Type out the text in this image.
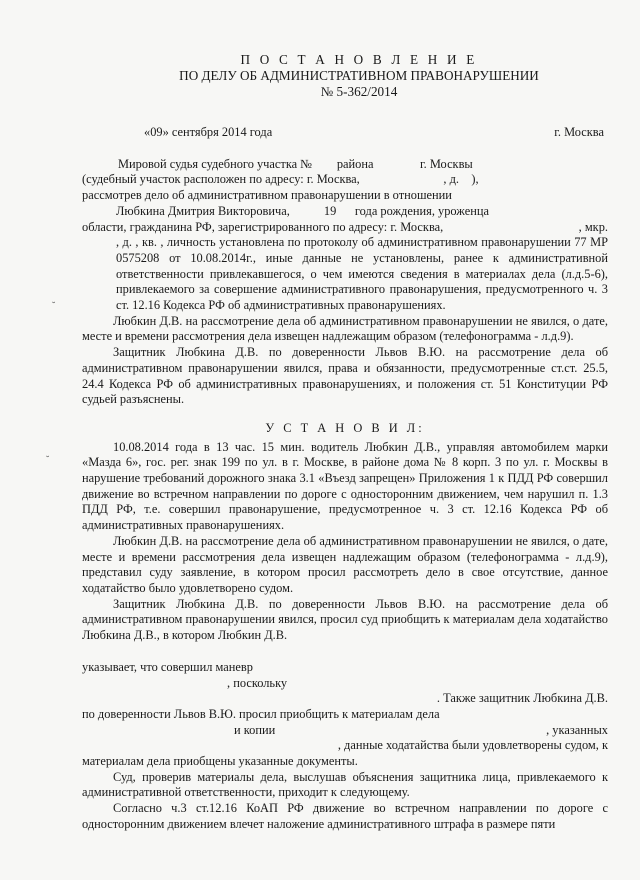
˘
˘
П О С Т А Н О В Л Е Н И Е
ПО ДЕЛУ ОБ АДМИНИСТРАТИВНОМ ПРАВОНАРУШЕНИИ
№ 5-362/2014
«09» сентября 2014 года	г. Москва
Мировой судья судебного участка №        района               г. Москвы
(судебный участок расположен по адресу: г. Москва,                           , д.    ),
рассмотрев дело об административном правонарушении в отношении
Любкина Дмитрия Викторовича,           19      года рождения, уроженца
области, гражданина РФ, зарегистрированного по адресу: г. Москва,	, мкр.

, д. , кв. , личность установлена по протоколу об административном правонарушении 77 МР 0575208 от 10.08.2014г., иные данные не установлены, ранее к административной ответственности привлекавшегося, о чем имеются сведения в материалах дела (л.д.5-6), привлекаемого за совершение административного правонарушения, предусмотренного ч. 3 ст. 12.16 Кодекса РФ об административных правонарушениях.

Любкин Д.В. на рассмотрение дела об административном правонарушении не явился, о дате, месте и времени рассмотрения дела извещен надлежащим образом (телефонограмма - л.д.9).

Защитник Любкина Д.В. по доверенности Львов В.Ю. на рассмотрение дела об административном правонарушении явился, права и обязанности, предусмотренные ст.ст. 25.5, 24.4 Кодекса РФ об административных правонарушениях, и положения ст. 51 Конституции РФ судьей разъяснены.

У С Т А Н О В И Л:

10.08.2014 года в 13 час. 15 мин. водитель Любкин Д.В., управляя автомобилем марки «Мазда 6», гос. рег. знак 199 по ул. в г. Москве, в районе дома № 8 корп. 3 по ул. г. Москвы в нарушение требований дорожного знака 3.1 «Въезд запрещен» Приложения 1 к ПДД РФ совершил движение во встречном направлении по дороге с односторонним движением, чем нарушил п. 1.3 ПДД РФ, т.е. совершил правонарушение, предусмотренное ч. 3 ст. 12.16 Кодекса РФ об административных правонарушениях.

Любкин Д.В. на рассмотрение дела об административном правонарушении не явился, о дате, месте и времени рассмотрения дела извещен надлежащим образом (телефонограмма - л.д.9), представил суду заявление, в котором просил рассмотреть дело в свое отсутствие, данное ходатайство было удовлетворено судом.

Защитник Любкина Д.В. по доверенности Львов В.Ю. на рассмотрение дела об административном правонарушении явился, просил суд приобщить к материалам дела ходатайство Любкина Д.В., в котором Любкин Д.В.

указывает, что совершил маневр
, поскольку
. Также защитник Любкина Д.В.
по доверенности Львов В.Ю. просил приобщить к материалам дела
и копии	, указанных
, данные ходатайства были удовлетворены судом, к
материалам дела приобщены указанные документы.

Суд, проверив материалы дела, выслушав объяснения защитника лица, привлекаемого к административной ответственности, приходит к следующему.

Согласно ч.3 ст.12.16 КоАП РФ движение во встречном направлении по дороге с односторонним движением влечет наложение административного штрафа в размере пяти
